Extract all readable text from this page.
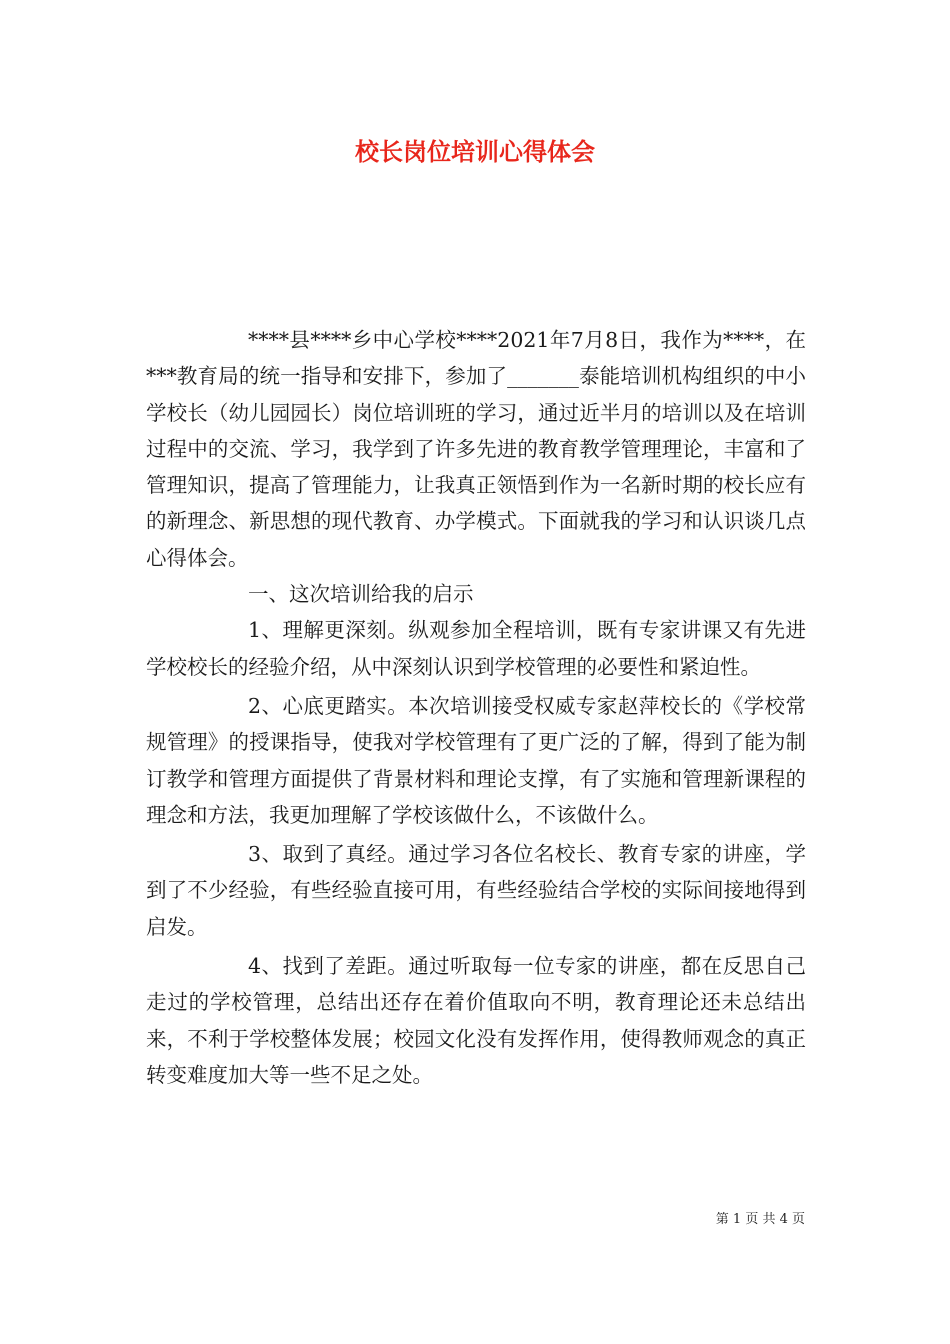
校长岗位培训心得体会

****县****乡中心学校****2021年7月8日，我作为****，在***教育局的统一指导和安排下，参加了_______泰能培训机构组织的中小学校长（幼儿园园长）岗位培训班的学习，通过近半月的培训以及在培训过程中的交流、学习，我学到了许多先进的教育教学管理理论，丰富和了管理知识，提高了管理能力，让我真正领悟到作为一名新时期的校长应有的新理念、新思想的现代教育、办学模式。下面就我的学习和认识谈几点心得体会。

一、这次培训给我的启示

1、理解更深刻。纵观参加全程培训，既有专家讲课又有先进学校校长的经验介绍，从中深刻认识到学校管理的必要性和紧迫性。

2、心底更踏实。本次培训接受权威专家赵萍校长的《学校常规管理》的授课指导，使我对学校管理有了更广泛的了解，得到了能为制订教学和管理方面提供了背景材料和理论支撑，有了实施和管理新课程的理念和方法，我更加理解了学校该做什么，不该做什么。

3、取到了真经。通过学习各位名校长、教育专家的讲座，学到了不少经验，有些经验直接可用，有些经验结合学校的实际间接地得到启发。

4、找到了差距。通过听取每一位专家的讲座，都在反思自己走过的学校管理，总结出还存在着价值取向不明，教育理论还未总结出来，不利于学校整体发展；校园文化没有发挥作用，使得教师观念的真正转变难度加大等一些不足之处。

第 1 页 共 4 页
